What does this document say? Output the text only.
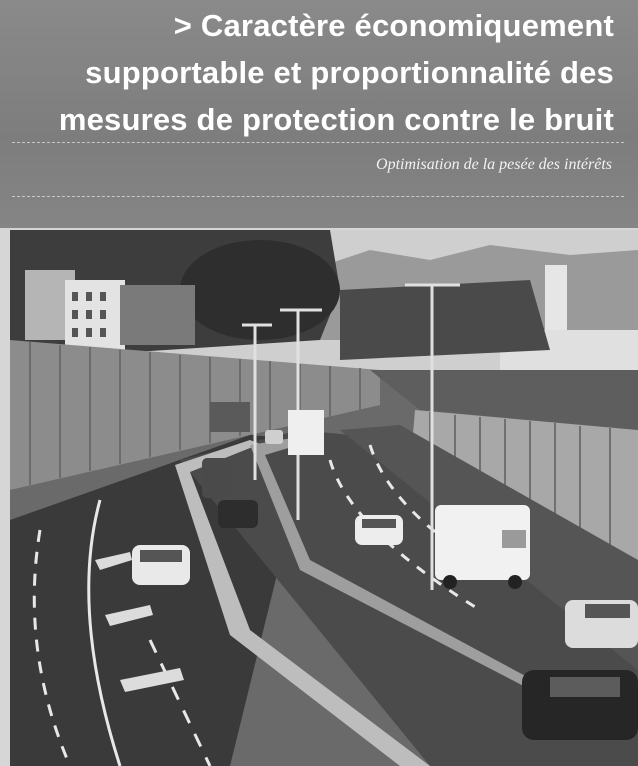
> Caractère économiquement
supportable et proportionnalité des
mesures de protection contre le bruit
Optimisation de la pesée des intérêts
